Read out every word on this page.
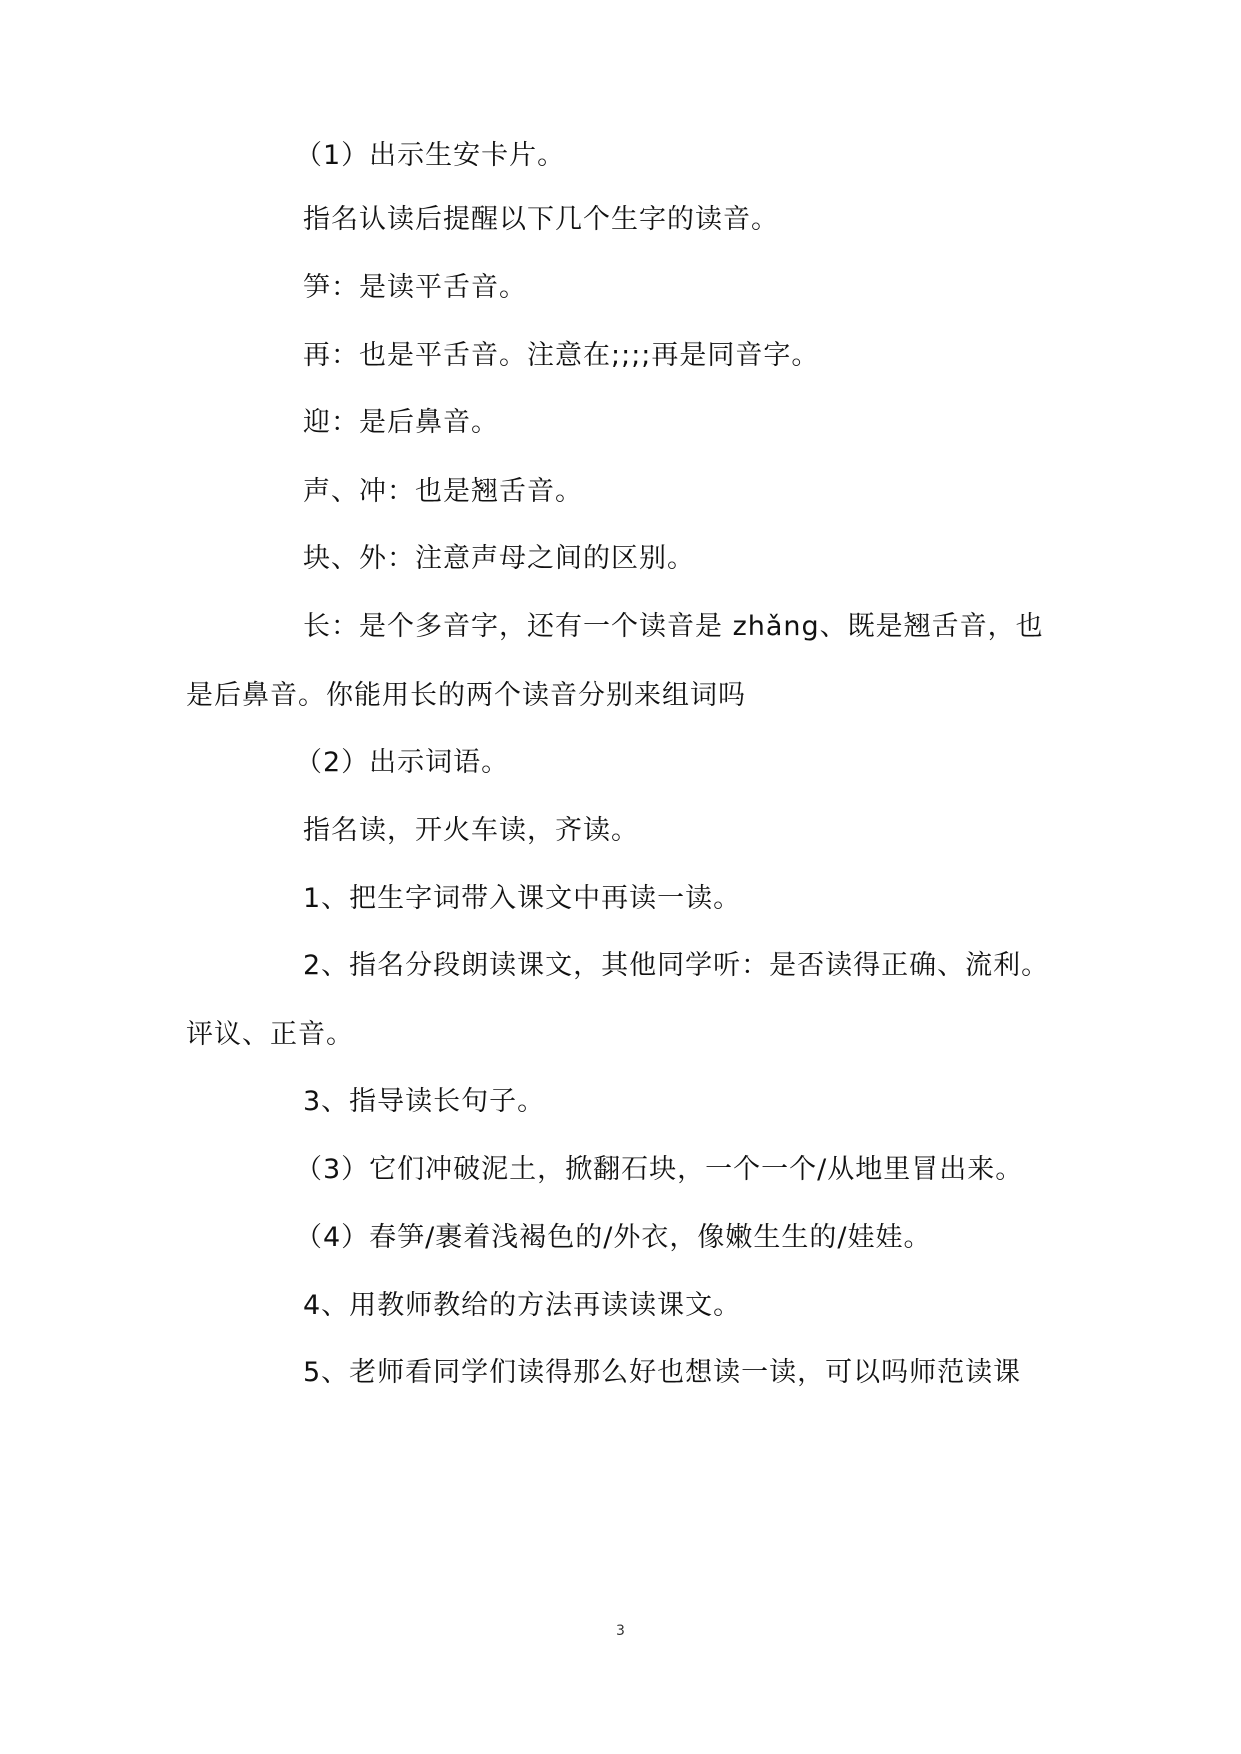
（1）出示生安卡片。
指名认读后提醒以下几个生字的读音。
笋：是读平舌音。
再：也是平舌音。注意在;;;;再是同音字。
迎：是后鼻音。
声、冲：也是翘舌音。
块、外：注意声母之间的区别。
长：是个多音字，还有一个读音是 zhǎng、既是翘舌音，也
是后鼻音。你能用长的两个读音分别来组词吗
（2）出示词语。
指名读，开火车读，齐读。
1、把生字词带入课文中再读一读。
2、指名分段朗读课文，其他同学听：是否读得正确、流利。
评议、正音。
3、指导读长句子。
（3）它们冲破泥土，掀翻石块，一个一个/从地里冒出来。
（4）春笋/裹着浅褐色的/外衣，像嫩生生的/娃娃。
4、用教师教给的方法再读读课文。
5、老师看同学们读得那么好也想读一读，可以吗师范读课
3
